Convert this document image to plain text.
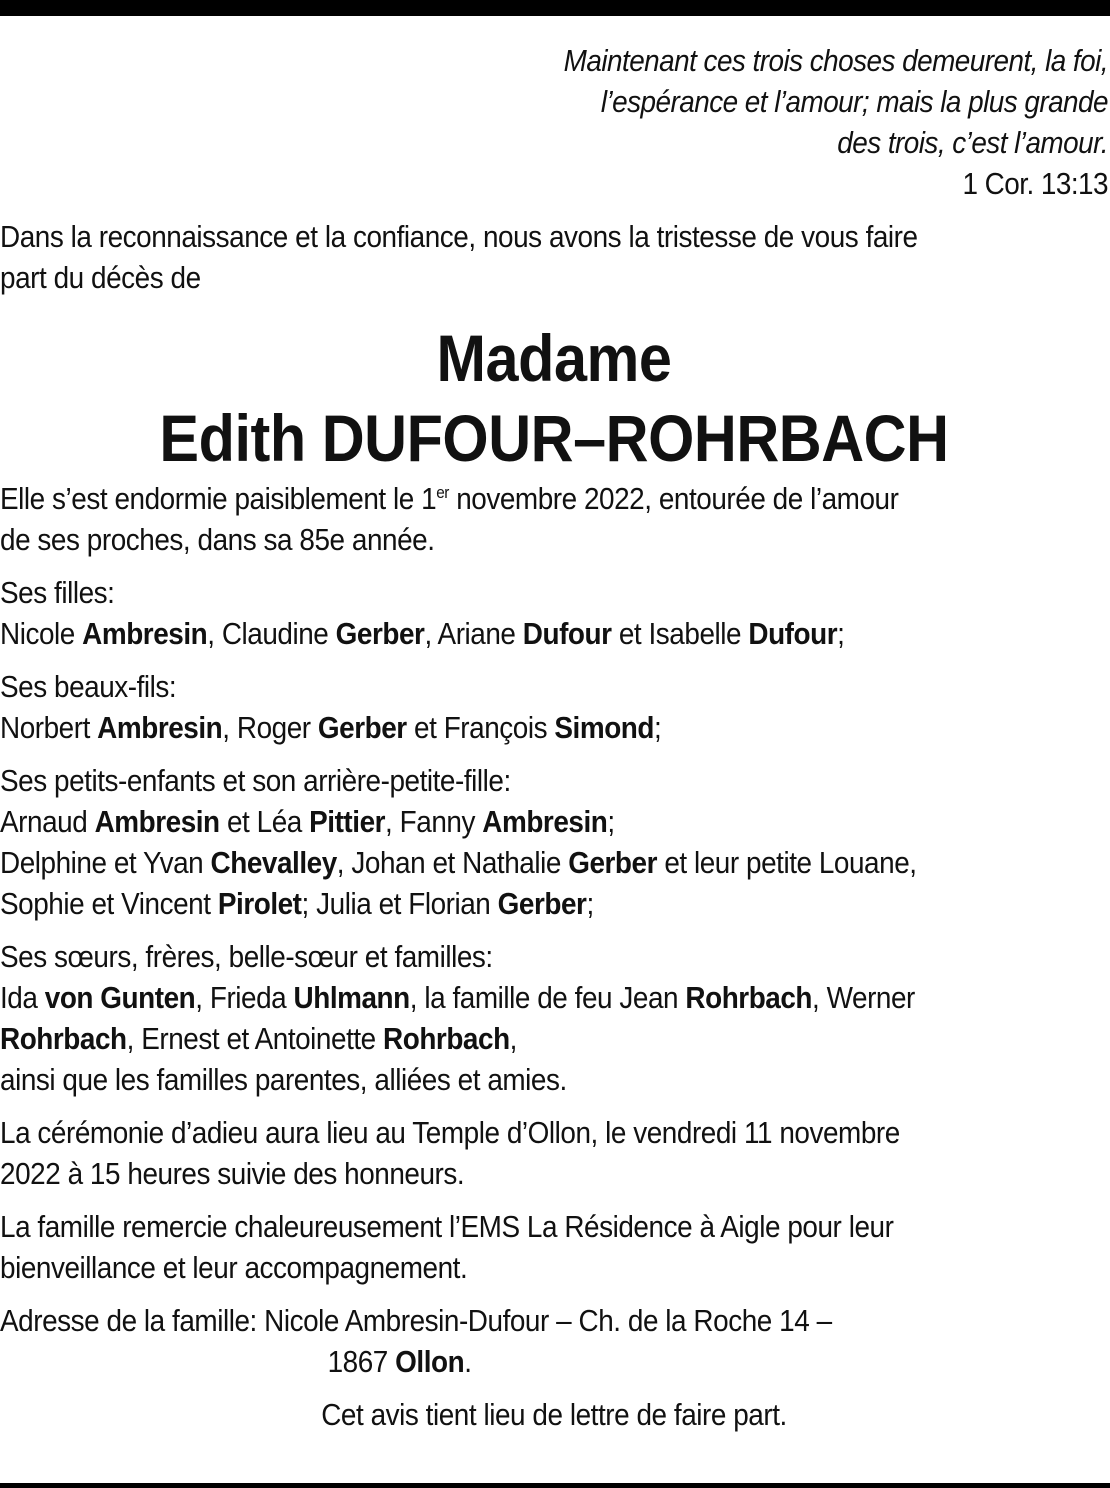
Maintenant ces trois choses demeurent, la foi,
l’espérance et l’amour; mais la plus grande
des trois, c’est l’amour.
1 Cor. 13:13
Dans la reconnaissance et la confiance, nous avons la tristesse de vous faire
part du décès de
Madame
Edith DUFOUR–ROHRBACH
Elle s’est endormie paisiblement le 1er novembre 2022, entourée de l’amour
de ses proches, dans sa 85e année.
Ses filles:
Nicole Ambresin, Claudine Gerber, Ariane Dufour et Isabelle Dufour;
Ses beaux-fils:
Norbert Ambresin, Roger Gerber et François Simond;
Ses petits-enfants et son arrière-petite-fille:
Arnaud Ambresin et Léa Pittier, Fanny Ambresin;
Delphine et Yvan Chevalley, Johan et Nathalie Gerber et leur petite Louane,
Sophie et Vincent Pirolet; Julia et Florian Gerber;
Ses sœurs, frères, belle-sœur et familles:
Ida von Gunten, Frieda Uhlmann, la famille de feu Jean Rohrbach, Werner
Rohrbach, Ernest et Antoinette Rohrbach,
ainsi que les familles parentes, alliées et amies.
La cérémonie d’adieu aura lieu au Temple d’Ollon, le vendredi 11 novembre
2022 à 15 heures suivie des honneurs.
La famille remercie chaleureusement l’EMS La Résidence à Aigle pour leur
bienveillance et leur accompagnement.
Adresse de la famille: Nicole Ambresin-Dufour – Ch. de la Roche 14 –
1867 Ollon.
Cet avis tient lieu de lettre de faire part.
